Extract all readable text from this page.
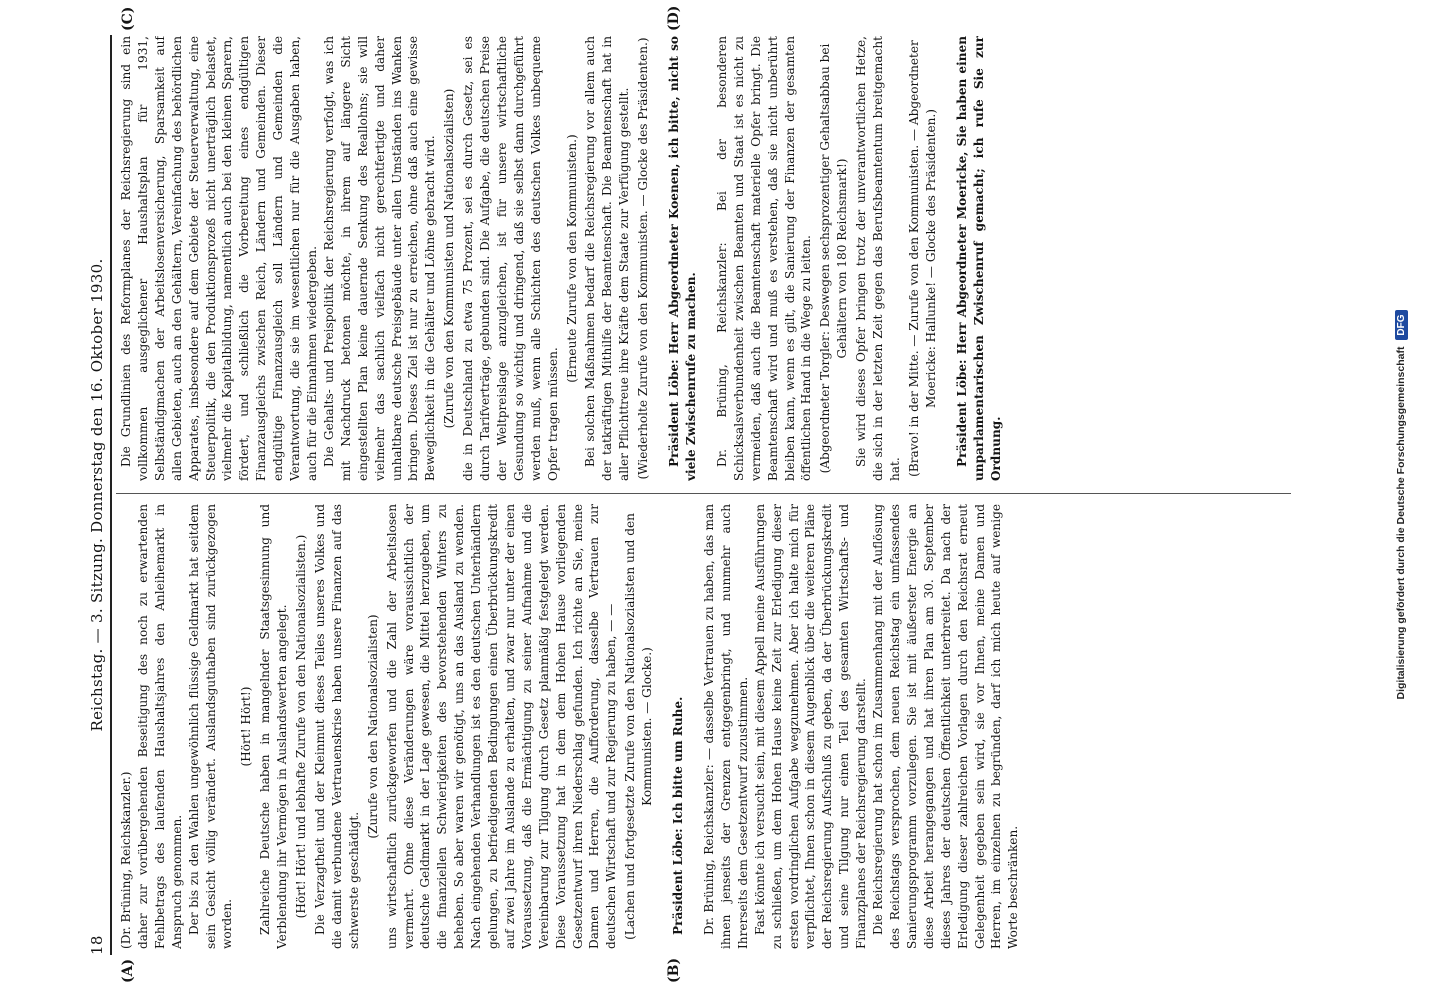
18
Reichstag. — 3. Sitzung. Donnerstag den 16. Oktober 1930.
(A)	(B)
(C)	(D)

(Dr. Brüning, Reichskanzler.) daher zur vorübergehenden Beseitigung des noch zu erwartenden Fehlbetrags des laufenden Haushaltsjahres den Anleihemarkt in Anspruch genommen. Der bis zu den Wahlen ungewöhnlich flüssige Geldmarkt hat seitdem sein Gesicht völlig verändert. Auslandsguthaben sind zurückgezogen worden.

(Hört! Hört!) Zahlreiche Deutsche haben in mangelnder Staatsgesinnung und Verblendung ihr Vermögen in Auslandswerten angelegt. (Hört! Hört! und lebhafte Zurufe von den Nationalsozialisten.) Die Verzagtheit und der Kleinmut dieses Teiles unseres Volkes und die damit verbundene Vertrauenskrise haben unsere Finanzen auf das schwerste geschädigt.

(Zurufe von den Nationalsozialisten) uns wirtschaftlich zurückgeworfen und die Zahl der Arbeitslosen vermehrt. Ohne diese Veränderungen wäre voraussichtlich der deutsche Geldmarkt in der Lage gewesen, die Mittel herzugeben, um die finanziellen Schwierigkeiten des bevorstehenden Winters zu beheben. So aber waren wir genötigt, uns an das Ausland zu wenden. Nach eingehenden Verhandlungen ist es den deutschen Unterhändlern gelungen, zu befriedigenden Bedingungen einen Überbrückungskredit auf zwei Jahre im Auslande zu erhalten, und zwar nur unter der einen Voraussetzung, daß die Ermächtigung zu seiner Aufnahme und die Vereinbarung zur Tilgung durch Gesetz planmäßig festgelegt werden. Diese Voraussetzung hat in dem dem Hohen Hause vorliegenden Gesetzentwurf ihren Niederschlag gefunden. Ich richte an Sie, meine Damen und Herren, die Aufforderung, dasselbe Vertrauen zur deutschen Wirtschaft und zur Regierung zu haben, — — (Lachen und fortgesetzte Zurufe von den Nationalsozialisten und den Kommunisten. — Glocke.) Präsident Löbe: Ich bitte um Ruhe. Dr. Brüning, Reichskanzler: — dasselbe Vertrauen zu haben, das man ihnen jenseits der Grenzen entgegenbringt, und nunmehr auch Ihrerseits dem Gesetzentwurf zuzustimmen. Fast könnte ich versucht sein, mit diesem Appell meine Ausführungen zu schließen, um dem Hohen Hause keine Zeit zur Erledigung dieser ersten vordringlichen Aufgabe wegzunehmen. Aber ich halte mich für verpflichtet, Ihnen schon in diesem Augenblick über die weiteren Pläne der Reichsregierung Aufschluß zu geben, da der Überbrückungskredit und seine Tilgung nur einen Teil des gesamten Wirtschafts- und Finanzplanes der Reichsregierung darstellt. Die Reichsregierung hat schon im Zusammenhang mit der Auflösung des Reichstags versprochen, dem neuen Reichstag ein umfassendes Sanierungsprogramm vorzulegen. Sie ist mit äußerster Energie an diese Arbeit herangegangen und hat ihren Plan am 30. September dieses Jahres der deutschen Öffentlichkeit unterbreitet. Da nach der Erledigung dieser zahlreichen Vorlagen durch den Reichsrat erneut Gelegenheit gegeben sein wird, sie vor Ihnen, meine Damen und Herren, im einzelnen zu begründen, darf ich mich heute auf wenige Worte beschränken.

Die Grundlinien des Reformplanes der Reichsregierung sind ein vollkommen ausgeglichener Haushaltsplan für 1931, Selbständigmachen der Arbeitslosenversicherung, Sparsamkeit auf allen Gebieten, auch an den Gehältern, Vereinfachung des behördlichen Apparates, insbesondere auf dem Gebiete der Steuerverwaltung, eine Steuerpolitik, die den Produktionsprozeß nicht unerträglich belastet, vielmehr die Kapitalbildung, namentlich auch bei den kleinen Sparern, fördert, und schließlich die Vorbereitung eines endgültigen Finanzausgleichs zwischen Reich, Ländern und Gemeinden. Dieser endgültige Finanzausgleich soll Ländern und Gemeinden die Verantwortung, die sie im wesentlichen nur für die Ausgaben haben, auch für die Einnahmen wiedergeben. Die Gehalts- und Preispolitik der Reichsregierung verfolgt, was ich mit Nachdruck betonen möchte, in ihrem auf längere Sicht eingestellten Plan keine dauernde Senkung des Reallohns; sie will vielmehr das sachlich vielfach nicht gerechtfertigte und daher unhaltbare deutsche Preisgebäude unter allen Umständen ins Wanken bringen. Dieses Ziel ist nur zu erreichen, ohne daß auch eine gewisse Beweglichkeit in die Gehälter und Löhne gebracht wird. (Zurufe von den Kommunisten und Nationalsozialisten) die in Deutschland zu etwa 75 Prozent, sei es durch Gesetz, sei es durch Tarifverträge, gebunden sind. Die Aufgabe, die deutschen Preise der Weltpreislage anzugleichen, ist für unsere wirtschaftliche Gesundung so wichtig und dringend, daß sie selbst dann durchgeführt werden muß, wenn alle Schichten des deutschen Volkes unbequeme Opfer tragen müssen.

(Erneute Zurufe von den Kommunisten.) Bei solchen Maßnahmen bedarf die Reichsregierung vor allem auch der tatkräftigen Mithilfe der Beamtenschaft. Die Beamtenschaft hat in aller Pflichttreue ihre Kräfte dem Staate zur Verfügung gestellt. (Wiederholte Zurufe von den Kommunisten. — Glocke des Präsidenten.) Präsident Löbe: Herr Abgeordneter Koenen, ich bitte, nicht so viele Zwischenrufe zu machen. Dr. Brüning, Reichskanzler: Bei der besonderen Schicksalsverbundenheit zwischen Beamten und Staat ist es nicht zu vermeiden, daß auch die Beamtenschaft materielle Opfer bringt. Die Beamtenschaft wird und muß es verstehen, daß sie nicht unberührt bleiben kann, wenn es gilt, die Sanierung der Finanzen der gesamten öffentlichen Hand in die Wege zu leiten. (Abgeordneter Torgler: Deswegen sechsprozentiger Gehaltsabbau bei Gehältern von 180 Reichsmark!) Sie wird dieses Opfer bringen trotz der unverantwortlichen Hetze, die sich in der letzten Zeit gegen das Berufsbeamtentum breitgemacht hat. (Bravo! in der Mitte. — Zurufe von den Kommunisten. — Abgeordneter Moericke: Hallunke! — Glocke des Präsidenten.) Präsident Löbe: Herr Abgeordneter Moericke, Sie haben einen unparlamentarischen Zwischenruf gemacht; ich rufe Sie zur Ordnung.	Digitalisierung gefördert durch die Deutsche Forschungsgemeinschaft DFG
